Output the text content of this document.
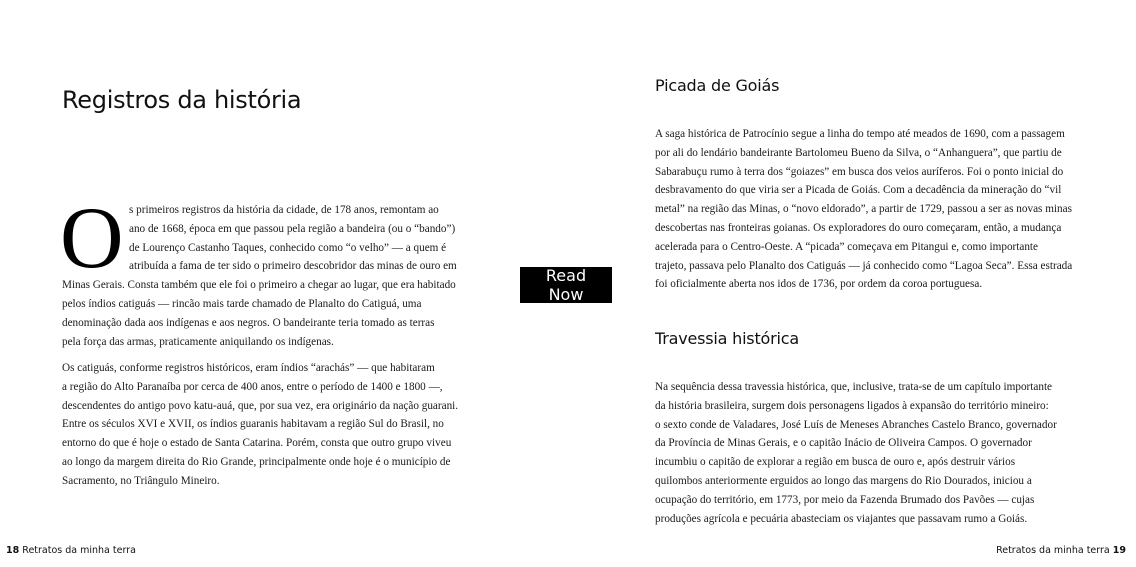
Registros da história
O s primeiros registros da história da cidade, de 178 anos, remontam ao
ano de 1668, época em que passou pela região a bandeira (ou o “bando”)
de Lourenço Castanho Taques, conhecido como “o velho” — a quem é
atribuída a fama de ter sido o primeiro descobridor das minas de ouro em
Minas Gerais. Consta também que ele foi o primeiro a chegar ao lugar, que era habitado
pelos índios catiguás — rincão mais tarde chamado de Planalto do Catiguá, uma
denominação dada aos indígenas e aos negros. O bandeirante teria tomado as terras
pela força das armas, praticamente aniquilando os indígenas.
Os catiguás, conforme registros históricos, eram índios “arachás” — que habitaram
a região do Alto Paranaíba por cerca de 400 anos, entre o período de 1400 e 1800 —,
descendentes do antigo povo katu-auá, que, por sua vez, era originário da nação guarani.
Entre os séculos XVI e XVII, os índios guaranis habitavam a região Sul do Brasil, no
entorno do que é hoje o estado de Santa Catarina. Porém, consta que outro grupo viveu
ao longo da margem direita do Rio Grande, principalmente onde hoje é o município de
Sacramento, no Triângulo Mineiro.
18 Retratos da minha terra
Read Now
Picada de Goiás
A saga histórica de Patrocínio segue a linha do tempo até meados de 1690, com a passagem
por ali do lendário bandeirante Bartolomeu Bueno da Silva, o “Anhanguera”, que partiu de
Sabarabuçu rumo à terra dos “goiazes” em busca dos veios auríferos. Foi o ponto inicial do
desbravamento do que viria ser a Picada de Goiás. Com a decadência da mineração do “vil
metal” na região das Minas, o “novo eldorado”, a partir de 1729, passou a ser as novas minas
descobertas nas fronteiras goianas. Os exploradores do ouro começaram, então, a mudança
acelerada para o Centro-Oeste. A “picada” começava em Pitangui e, como importante
trajeto, passava pelo Planalto dos Catiguás — já conhecido como “Lagoa Seca”. Essa estrada
foi oficialmente aberta nos idos de 1736, por ordem da coroa portuguesa.
Travessia histórica
Na sequência dessa travessia histórica, que, inclusive, trata-se de um capítulo importante
da história brasileira, surgem dois personagens ligados à expansão do território mineiro:
o sexto conde de Valadares, José Luís de Meneses Abranches Castelo Branco, governador
da Província de Minas Gerais, e o capitão Inácio de Oliveira Campos. O governador
incumbiu o capitão de explorar a região em busca de ouro e, após destruir vários
quilombos anteriormente erguidos ao longo das margens do Rio Dourados, iniciou a
ocupação do território, em 1773, por meio da Fazenda Brumado dos Pavões — cujas
produções agrícola e pecuária abasteciam os viajantes que passavam rumo a Goiás.
Retratos da minha terra 19
